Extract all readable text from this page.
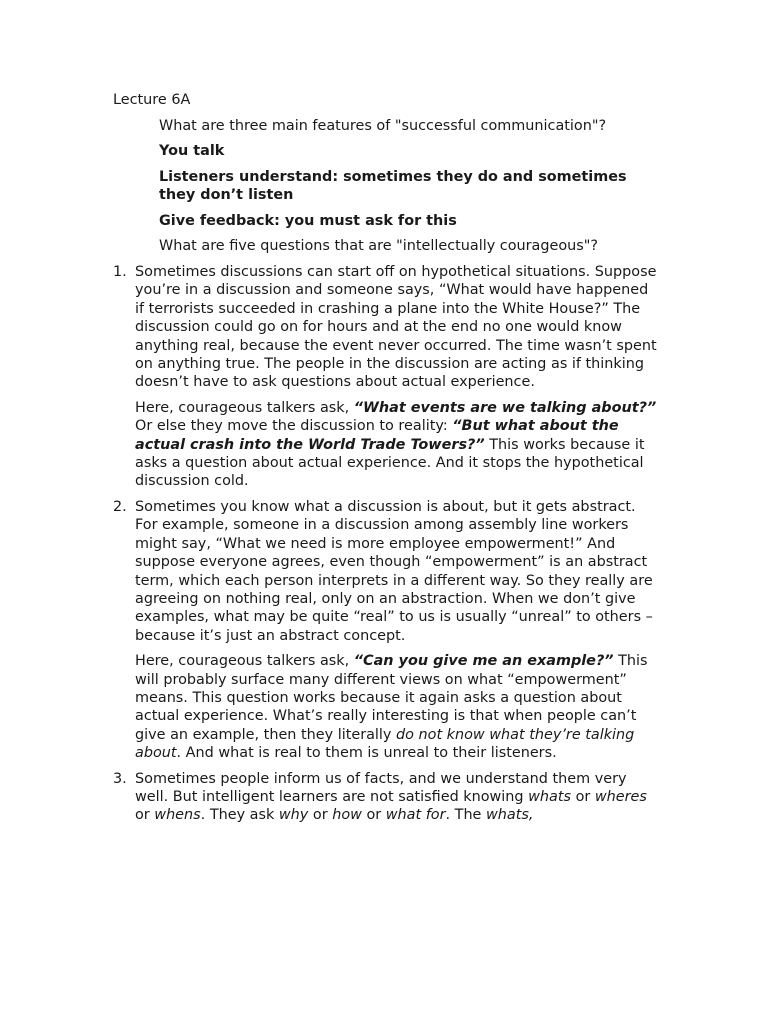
Lecture 6A

What are three main features of "successful communication"?

You talk

Listeners understand: sometimes they do and sometimes they don’t listen

Give feedback: you must ask for this

What are five questions that are "intellectually courageous"?

1. Sometimes discussions can start off on hypothetical situations. Suppose you’re in a discussion and someone says, “What would have happened if terrorists succeeded in crashing a plane into the White House?” The discussion could go on for hours and at the end no one would know anything real, because the event never occurred. The time wasn’t spent on anything true. The people in the discussion are acting as if thinking doesn’t have to ask questions about actual experience.

Here, courageous talkers ask, “What events are we talking about?” Or else they move the discussion to reality: “But what about the actual crash into the World Trade Towers?” This works because it asks a question about actual experience. And it stops the hypothetical discussion cold.

2. Sometimes you know what a discussion is about, but it gets abstract. For example, someone in a discussion among assembly line workers might say, “What we need is more employee empowerment!” And suppose everyone agrees, even though “empowerment” is an abstract term, which each person interprets in a different way. So they really are agreeing on nothing real, only on an abstraction. When we don’t give examples, what may be quite “real” to us is usually “unreal” to others – because it’s just an abstract concept.

Here, courageous talkers ask, “Can you give me an example?” This will probably surface many different views on what “empowerment” means. This question works because it again asks a question about actual experience. What’s really interesting is that when people can’t give an example, then they literally do not know what they’re talking about. And what is real to them is unreal to their listeners.

3. Sometimes people inform us of facts, and we understand them very well. But intelligent learners are not satisfied knowing whats or wheres or whens. They ask why or how or what for. The whats,
